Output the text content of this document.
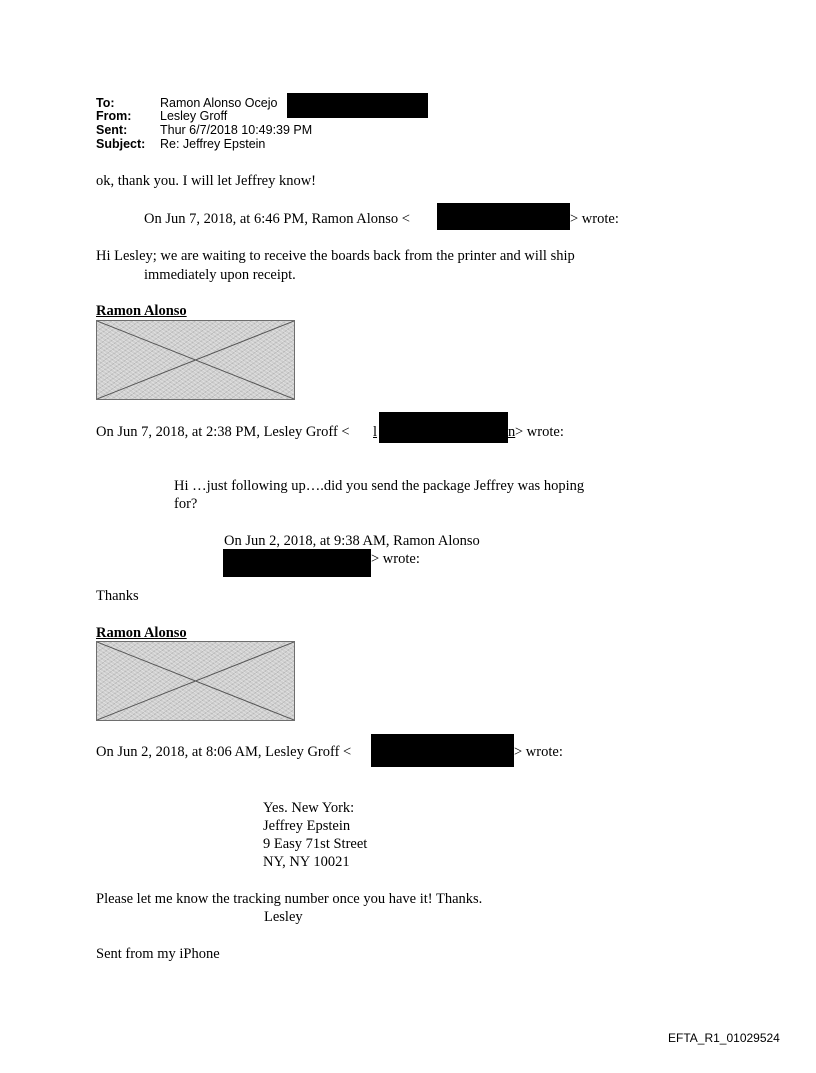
To:	Ramon Alonso Ocejo
From: Lesley Groff
Sent:	Thur 6/7/2018 10:49:39 PM
Subject: Re: Jeffrey Epstein
ok, thank you. I will let Jeffrey know!
On Jun 7, 2018, at 6:46 PM, Ramon Alonso <	> wrote:
Hi Lesley; we are waiting to receive the boards back from the printer and will ship
immediately upon receipt.
Ramon Alonso
On Jun 7, 2018, at 2:38 PM, Lesley Groff < l	n > wrote:
Hi …just following up….did you send the package Jeffrey was hoping
for?
On Jun 2, 2018, at 9:38 AM, Ramon Alonso
> wrote:
Thanks
Ramon Alonso
On Jun 2, 2018, at 8:06 AM, Lesley Groff <	> wrote:
Yes. New York:
Jeffrey Epstein
9 Easy 71st Street
NY, NY 10021
Please let me know the tracking number once you have it! Thanks.
Lesley
Sent from my iPhone
EFTA_R1_01029524
